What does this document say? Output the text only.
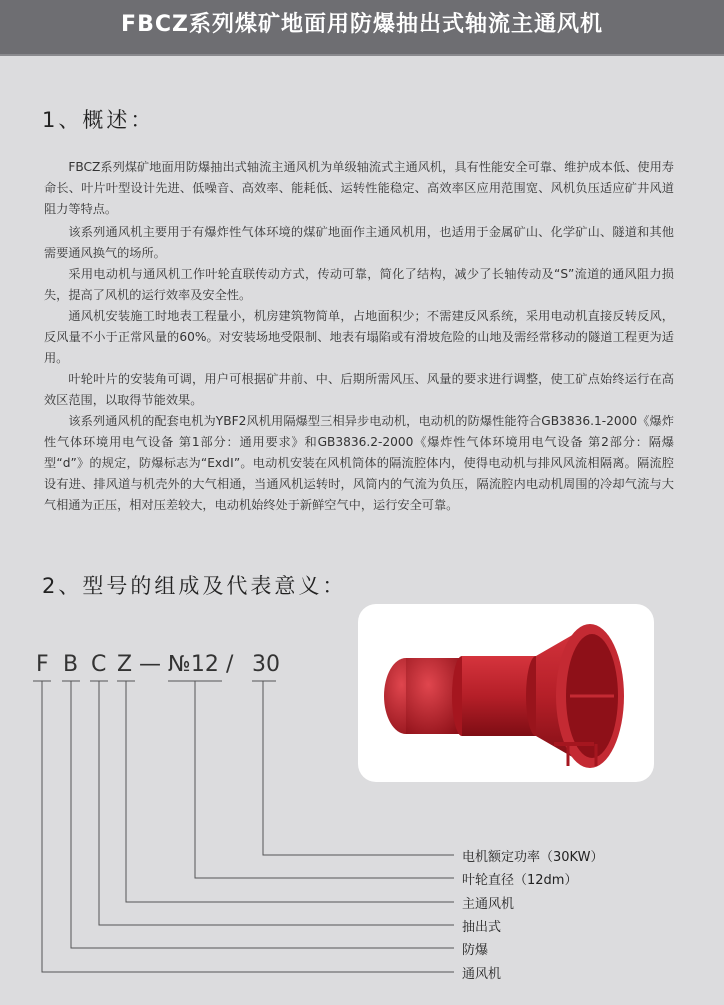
FBCZ系列煤矿地面用防爆抽出式轴流主通风机
1、概述：

FBCZ系列煤矿地面用防爆抽出式轴流主通风机为单级轴流式主通风机，具有性能安全可靠、维护成本低、使用寿命长、叶片叶型设计先进、低噪音、高效率、能耗低、运转性能稳定、高效率区应用范围宽、风机负压适应矿井风道阻力等特点。

该系列通风机主要用于有爆炸性气体环境的煤矿地面作主通风机用，也适用于金属矿山、化学矿山、隧道和其他需要通风换气的场所。

采用电动机与通风机工作叶轮直联传动方式，传动可靠，简化了结构，减少了长轴传动及“S”流道的通风阻力损失，提高了风机的运行效率及安全性。

通风机安装施工时地表工程量小，机房建筑物简单，占地面积少；不需建反风系统，采用电动机直接反转反风，反风量不小于正常风量的60%。对安装场地受限制、地表有塌陷或有滑坡危险的山地及需经常移动的隧道工程更为适用。

叶轮叶片的安装角可调，用户可根据矿井前、中、后期所需风压、风量的要求进行调整，使工矿点始终运行在高效区范围，以取得节能效果。

该系列通风机的配套电机为YBF2风机用隔爆型三相异步电动机，电动机的防爆性能符合GB3836.1-2000《爆炸性气体环境用电气设备 第1部分：通用要求》和GB3836.2-2000《爆炸性气体环境用电气设备 第2部分：隔爆型“d”》的规定，防爆标志为“ExdⅠ”。电动机安装在风机筒体的隔流腔体内，使得电动机与排风风流相隔离。隔流腔设有进、排风道与机壳外的大气相通，当通风机运转时，风筒内的气流为负压，隔流腔内电动机周围的冷却气流与大气相通为正压，相对压差较大，电动机始终处于新鲜空气中，运行安全可靠。

2、型号的组成及代表意义：
F B C Z — №12 / 30
电机额定功率（30KW）
叶轮直径（12dm）
主通风机
抽出式
防爆
通风机
